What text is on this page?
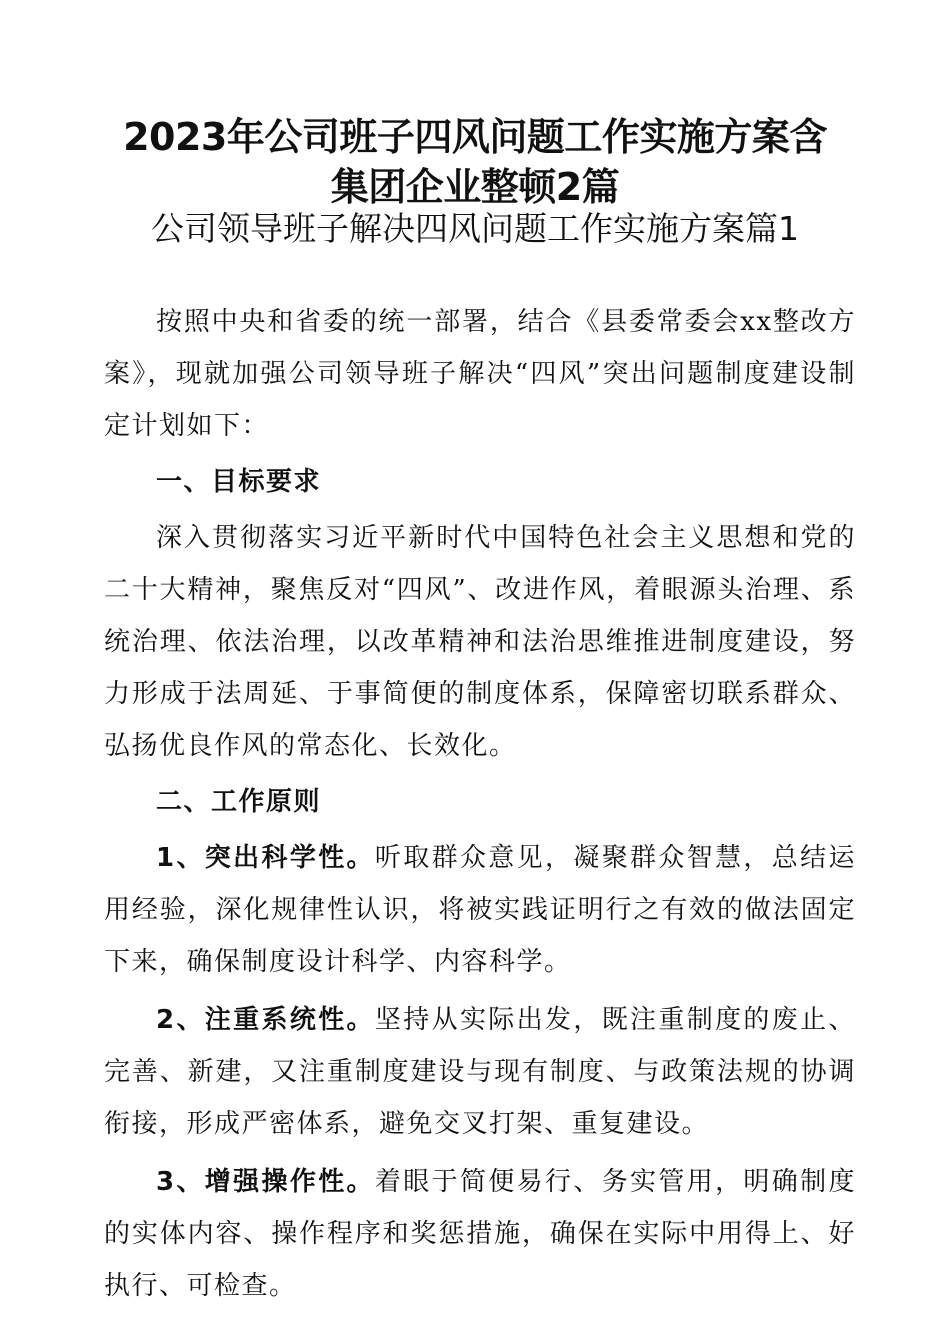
2023年公司班子四风问题工作实施方案含
集团企业整顿2篇
公司领导班子解决四风问题工作实施方案篇1

按照中央和省委的统一部署，结合《县委常委会xx整改方案》，现就加强公司领导班子解决“四风”突出问题制度建设制定计划如下：

一、目标要求

深入贯彻落实习近平新时代中国特色社会主义思想和党的二十大精神，聚焦反对“四风”、改进作风，着眼源头治理、系统治理、依法治理，以改革精神和法治思维推进制度建设，努力形成于法周延、于事简便的制度体系，保障密切联系群众、弘扬优良作风的常态化、长效化。

二、工作原则

1、突出科学性。听取群众意见，凝聚群众智慧，总结运用经验，深化规律性认识，将被实践证明行之有效的做法固定下来，确保制度设计科学、内容科学。

2、注重系统性。坚持从实际出发，既注重制度的废止、完善、新建，又注重制度建设与现有制度、与政策法规的协调衔接，形成严密体系，避免交叉打架、重复建设。

3、增强操作性。着眼于简便易行、务实管用，明确制度的实体内容、操作程序和奖惩措施，确保在实际中用得上、好执行、可检查。
